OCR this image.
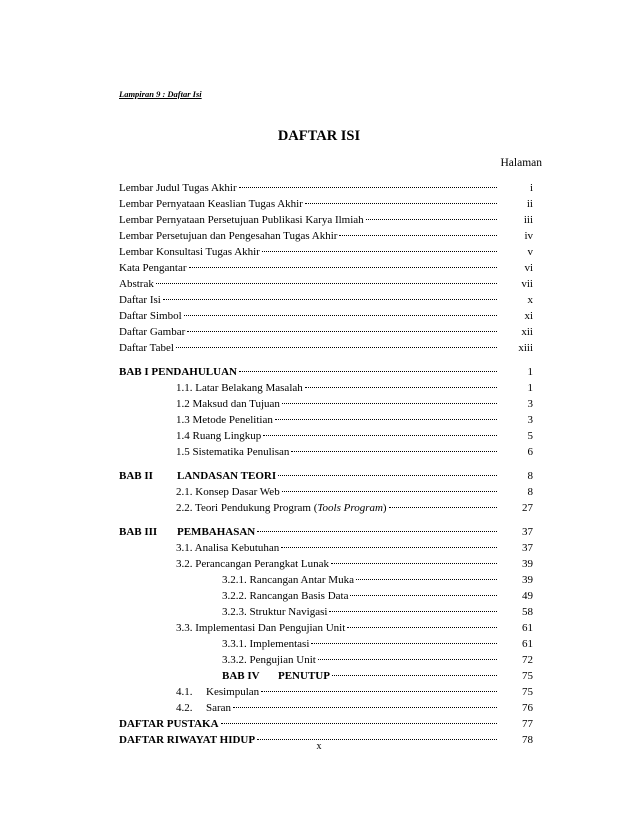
Lampiran 9 : Daftar Isi
DAFTAR ISI
Halaman
Lembar Judul Tugas Akhir	i
Lembar Pernyataan Keaslian Tugas Akhir	ii
Lembar Pernyataan Persetujuan Publikasi Karya Ilmiah	iii
Lembar Persetujuan dan Pengesahan Tugas Akhir	iv
Lembar Konsultasi Tugas Akhir	v
Kata Pengantar	vi
Abstrak	vii
Daftar Isi	x
Daftar Simbol	xi
Daftar Gambar	xii
Daftar Tabel	xiii
BAB I PENDAHULUAN	1
1.1. Latar Belakang Masalah	1
1.2 Maksud dan Tujuan	3
1.3 Metode Penelitian	3
1.4 Ruang Lingkup	5
1.5 Sistematika Penulisan	6
BAB II LANDASAN TEORI	8
2.1. Konsep Dasar Web	8
2.2. Teori Pendukung Program (Tools Program)	27
BAB III PEMBAHASAN	37
3.1. Analisa Kebutuhan	37
3.2. Perancangan Perangkat Lunak	39
3.2.1. Rancangan Antar Muka	39
3.2.2. Rancangan Basis Data	49
3.2.3. Struktur Navigasi	58
3.3. Implementasi Dan Pengujian Unit	61
3.3.1. Implementasi	61
3.3.2. Pengujian Unit	72
BAB IV PENUTUP	75
4.1. Kesimpulan	75
4.2. Saran	76
DAFTAR PUSTAKA	77
DAFTAR RIWAYAT HIDUP	78
x
